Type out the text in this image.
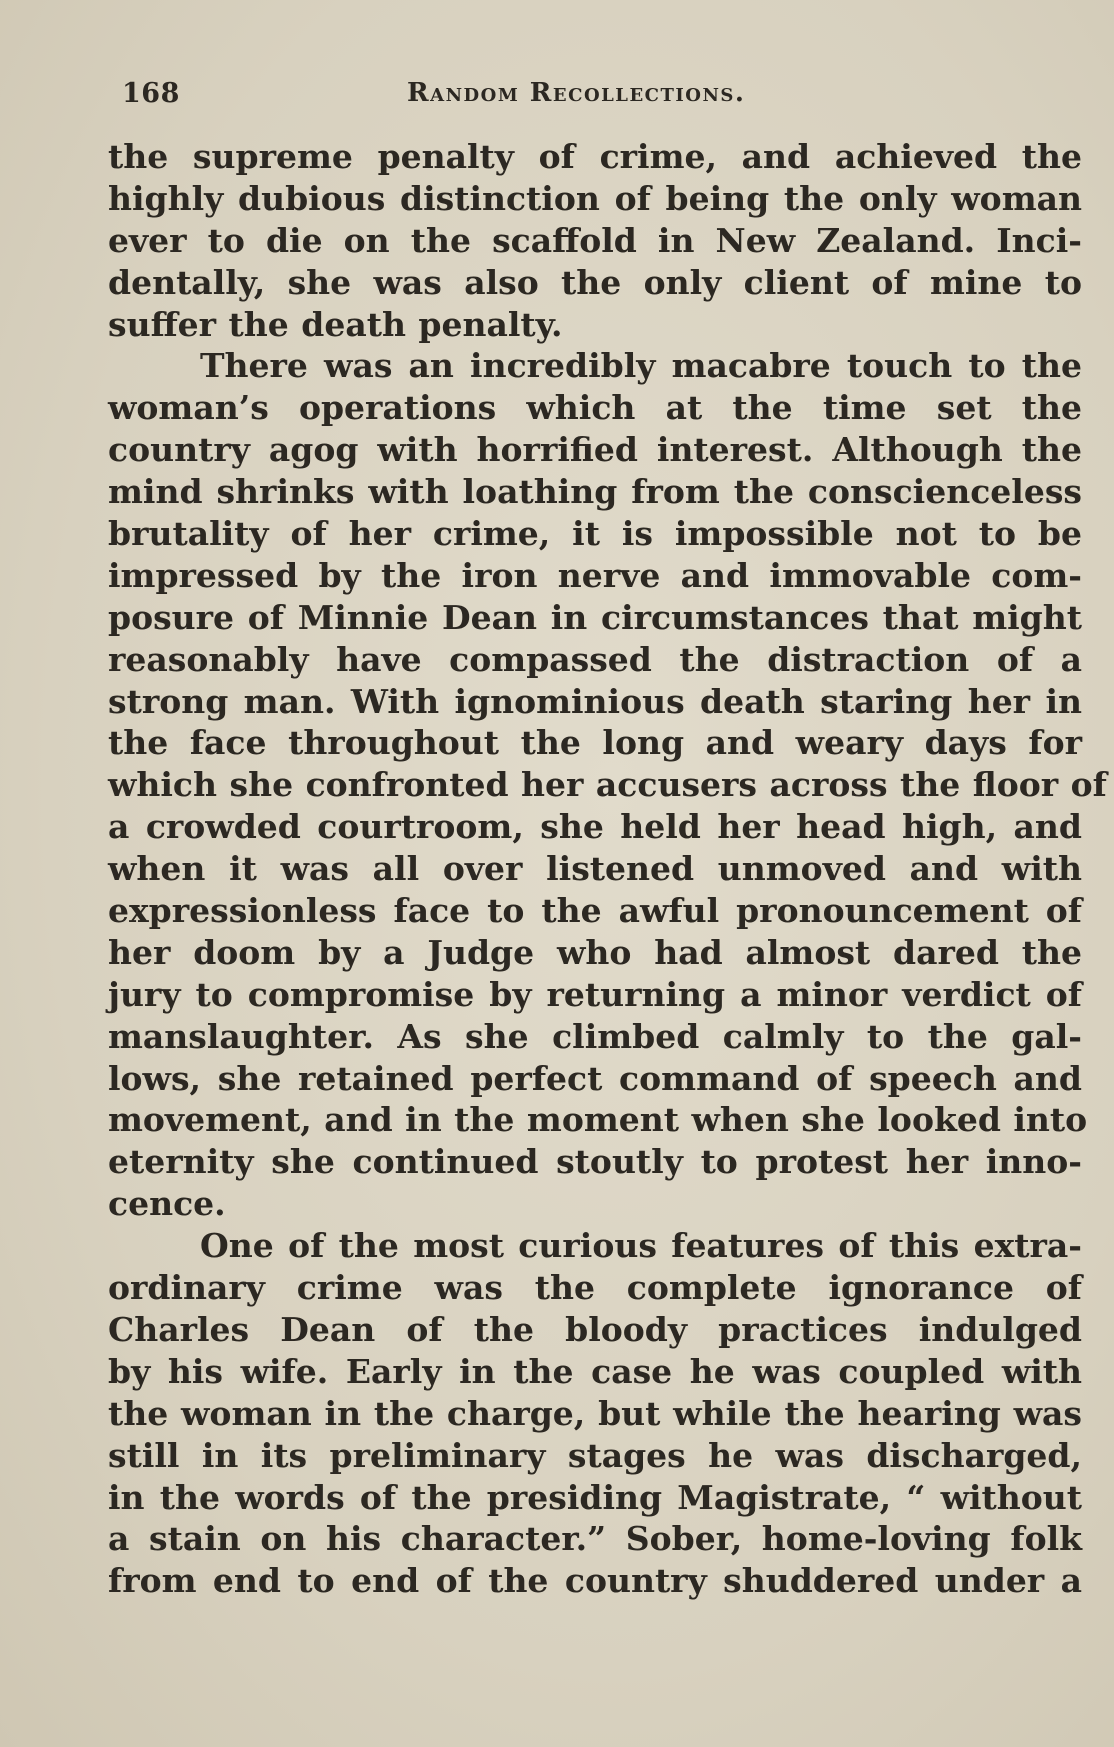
168	Random Recollections.
the supreme penalty of crime, and achieved the
highly dubious distinction of being the only woman
ever to die on the scaffold in New Zealand. Inci-
dentally, she was also the only client of mine to
suffer the death penalty.
There was an incredibly macabre touch to the
woman’s operations which at the time set the
country agog with horrified interest. Although the
mind shrinks with loathing from the conscienceless
brutality of her crime, it is impossible not to be
impressed by the iron nerve and immovable com-
posure of Minnie Dean in circumstances that might
reasonably have compassed the distraction of a
strong man. With ignominious death staring her in
the face throughout the long and weary days for
which she confronted her accusers across the floor of
a crowded courtroom, she held her head high, and
when it was all over listened unmoved and with
expressionless face to the awful pronouncement of
her doom by a Judge who had almost dared the
jury to compromise by returning a minor verdict of
manslaughter. As she climbed calmly to the gal-
lows, she retained perfect command of speech and
movement, and in the moment when she looked into
eternity she continued stoutly to protest her inno-
cence.
One of the most curious features of this extra-
ordinary crime was the complete ignorance of
Charles Dean of the bloody practices indulged
by his wife. Early in the case he was coupled with
the woman in the charge, but while the hearing was
still in its preliminary stages he was discharged,
in the words of the presiding Magistrate, “ without
a stain on his character.” Sober, home-loving folk
from end to end of the country shuddered under a
